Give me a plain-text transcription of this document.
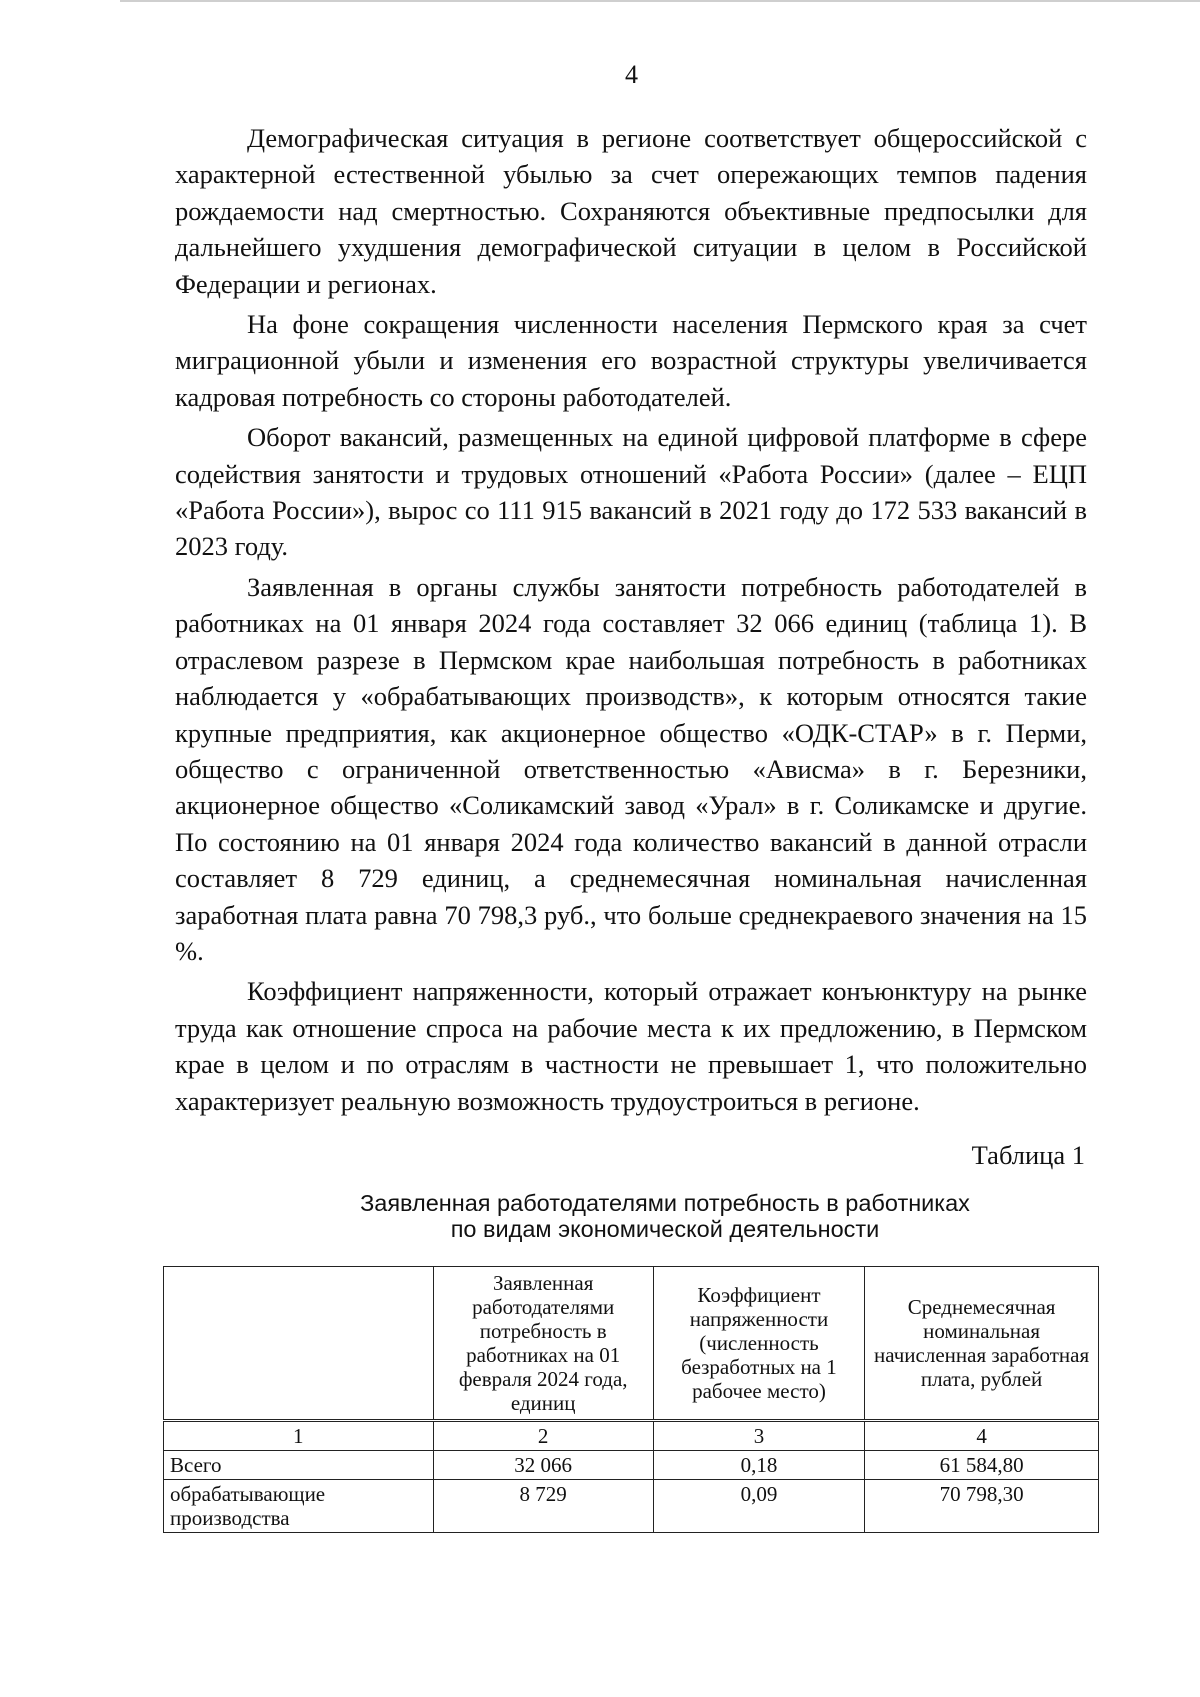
4

Демографическая ситуация в регионе соответствует общероссийской с характерной естественной убылью за счет опережающих темпов падения рождаемости над смертностью. Сохраняются объективные предпосылки для дальнейшего ухудшения демографической ситуации в целом в Российской Федерации и регионах.

На фоне сокращения численности населения Пермского края за счет миграционной убыли и изменения его возрастной структуры увеличивается кадровая потребность со стороны работодателей.

Оборот вакансий, размещенных на единой цифровой платформе в сфере содействия занятости и трудовых отношений «Работа России» (далее – ЕЦП «Работа России»), вырос со 111 915 вакансий в 2021 году до 172 533 вакансий в 2023 году.

Заявленная в органы службы занятости потребность работодателей в работниках на 01 января 2024 года составляет 32 066 единиц (таблица 1). В отраслевом разрезе в Пермском крае наибольшая потребность в работниках наблюдается у «обрабатывающих производств», к которым относятся такие крупные предприятия, как акционерное общество «ОДК-СТАР» в г. Перми, общество с ограниченной ответственностью «Ависма» в г. Березники, акционерное общество «Соликамский завод «Урал» в г. Соликамске и другие. По состоянию на 01 января 2024 года количество вакансий в данной отрасли составляет 8 729 единиц, а среднемесячная номинальная начисленная заработная плата равна 70 798,3 руб., что больше среднекраевого значения на 15 %.

Коэффициент напряженности, который отражает конъюнктуру на рынке труда как отношение спроса на рабочие места к их предложению, в Пермском крае в целом и по отраслям в частности не превышает 1, что положительно характеризует реальную возможность трудоустроиться в регионе.

Таблица 1
Заявленная работодателями потребность в работниках
по видам экономической деятельности
	Заявленная работодателями потребность в работниках на 01 февраля 2024 года, единиц	Коэффициент напряженности (численность безработных на 1 рабочее место)	Среднемесячная номинальная начисленная заработная плата, рублей
1	2	3	4
Всего	32 066	0,18	61 584,80
обрабатывающие производства	8 729	0,09	70 798,30
